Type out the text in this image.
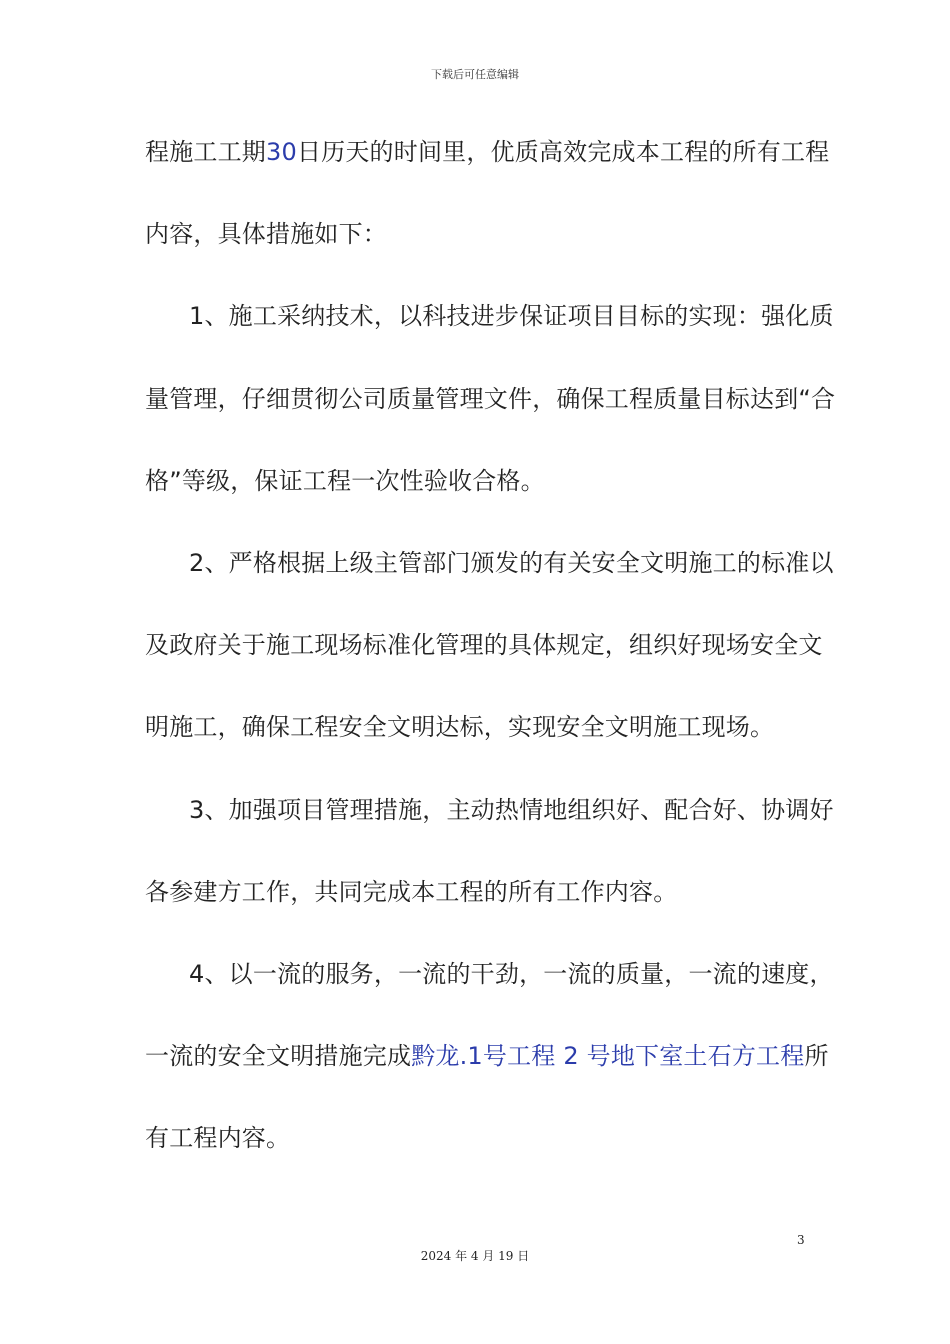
下载后可任意编辑
程施工工期30日历天的时间里，优质高效完成本工程的所有工程
内容，具体措施如下：
1、施工采纳技术，以科技进步保证项目目标的实现：强化质
量管理，仔细贯彻公司质量管理文件，确保工程质量目标达到“合
格”等级，保证工程一次性验收合格。
2、严格根据上级主管部门颁发的有关安全文明施工的标准以
及政府关于施工现场标准化管理的具体规定，组织好现场安全文
明施工，确保工程安全文明达标，实现安全文明施工现场。
3、加强项目管理措施，主动热情地组织好、配合好、协调好
各参建方工作，共同完成本工程的所有工作内容。
4、以一流的服务，一流的干劲，一流的质量，一流的速度，
一流的安全文明措施完成黔龙.1号工程 2 号地下室土石方工程所
有工程内容。
3
2024 年 4 月 19 日
